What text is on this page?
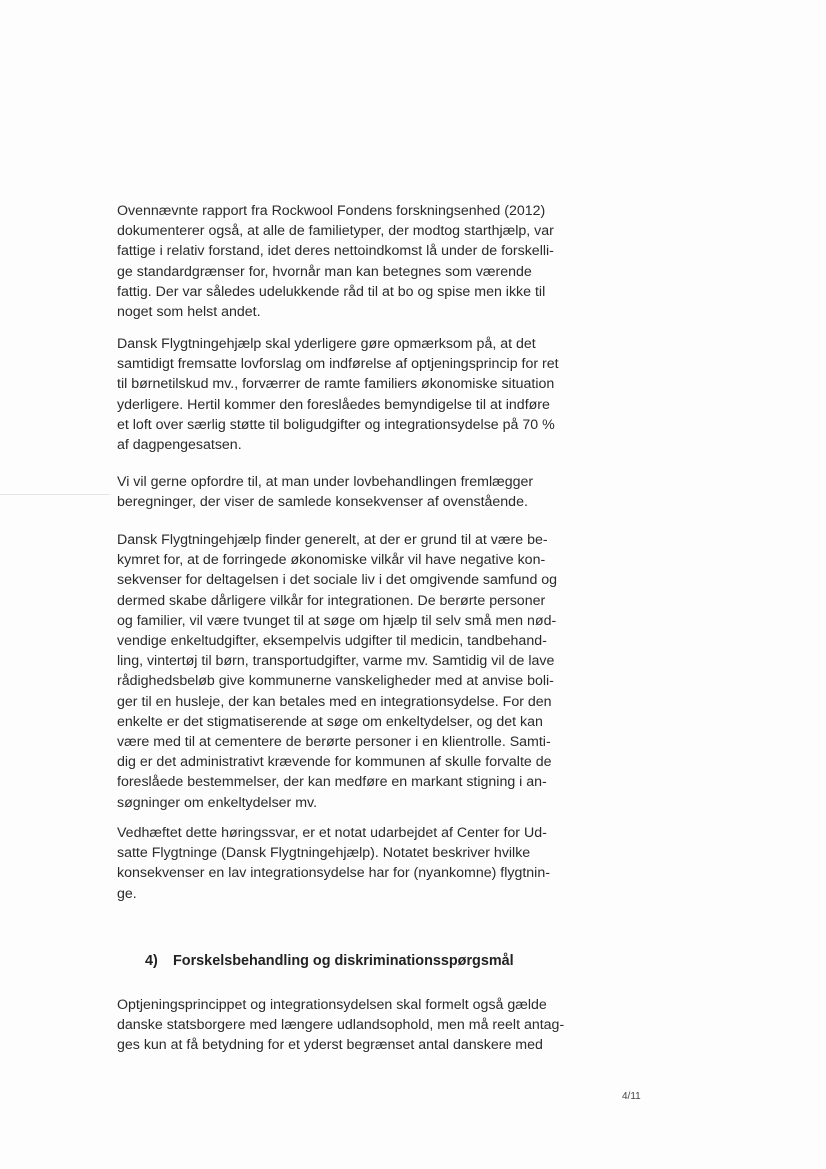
Ovennævnte rapport fra Rockwool Fondens forskningsenhed (2012)
dokumenterer også, at alle de familietyper, der modtog starthjælp, var
fattige i relativ forstand, idet deres nettoindkomst lå under de forskelli-
ge standardgrænser for, hvornår man kan betegnes som værende
fattig. Der var således udelukkende råd til at bo og spise men ikke til
noget som helst andet.

Dansk Flygtningehjælp skal yderligere gøre opmærksom på, at det
samtidigt fremsatte lovforslag om indførelse af optjeningsprincip for ret
til børnetilskud mv., forværrer de ramte familiers økonomiske situation
yderligere. Hertil kommer den foreslåedes bemyndigelse til at indføre
et loft over særlig støtte til boligudgifter og integrationsydelse på 70 %
af dagpengesatsen.

Vi vil gerne opfordre til, at man under lovbehandlingen fremlægger
beregninger, der viser de samlede konsekvenser af ovenstående.

Dansk Flygtningehjælp finder generelt, at der er grund til at være be-
kymret for, at de forringede økonomiske vilkår vil have negative kon-
sekvenser for deltagelsen i det sociale liv i det omgivende samfund og
dermed skabe dårligere vilkår for integrationen. De berørte personer
og familier, vil være tvunget til at søge om hjælp til selv små men nød-
vendige enkeltudgifter, eksempelvis udgifter til medicin, tandbehand-
ling, vintertøj til børn, transportudgifter, varme mv. Samtidig vil de lave
rådighedsbeløb give kommunerne vanskeligheder med at anvise boli-
ger til en husleje, der kan betales med en integrationsydelse. For den
enkelte er det stigmatiserende at søge om enkeltydelser, og det kan
være med til at cementere de berørte personer i en klientrolle. Samti-
dig er det administrativt krævende for kommunen af skulle forvalte de
foreslåede bestemmelser, der kan medføre en markant stigning i an-
søgninger om enkeltydelser mv.

Vedhæftet dette høringssvar, er et notat udarbejdet af Center for Ud-
satte Flygtninge (Dansk Flygtningehjælp). Notatet beskriver hvilke
konsekvenser en lav integrationsydelse har for (nyankomne) flygtnin-
ge.

4) Forskelsbehandling og diskriminationsspørgsmål

Optjeningsprincippet og integrationsydelsen skal formelt også gælde
danske statsborgere med længere udlandsophold, men må reelt antag-
ges kun at få betydning for et yderst begrænset antal danskere med

4/11
